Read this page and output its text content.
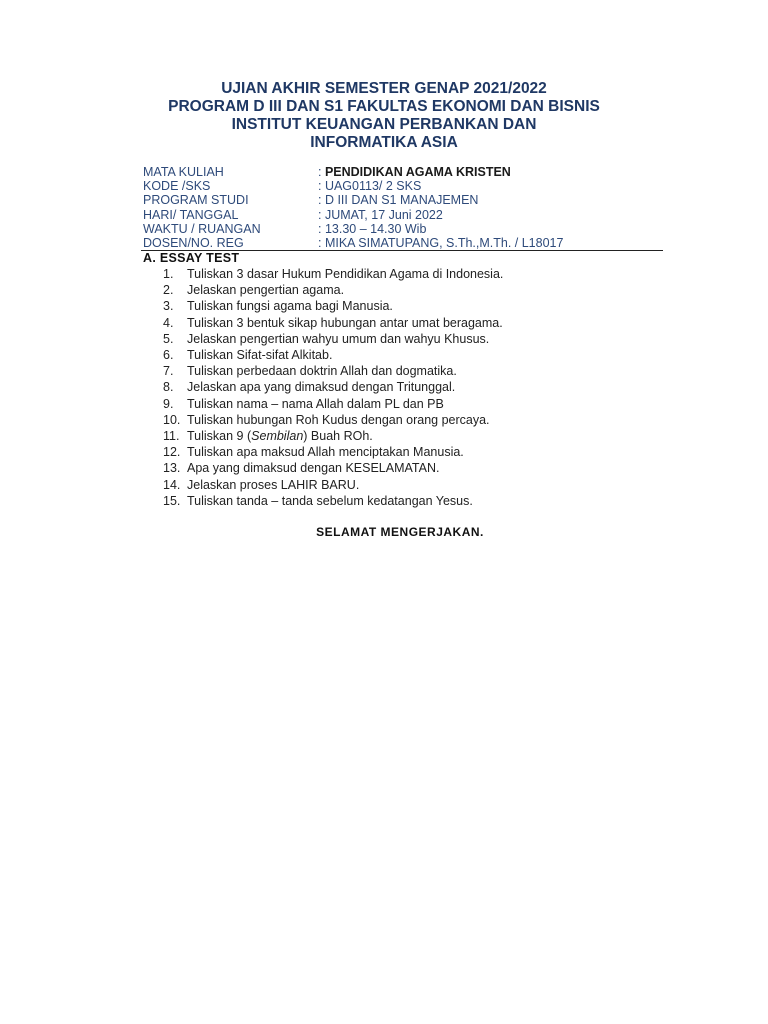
UJIAN AKHIR SEMESTER GENAP 2021/2022
PROGRAM D III DAN S1 FAKULTAS EKONOMI DAN BISNIS
INSTITUT KEUANGAN PERBANKAN DAN
INFORMATIKA ASIA
MATA KULIAH	: PENDIDIKAN AGAMA KRISTEN
KODE /SKS	: UAG0113/ 2 SKS
PROGRAM STUDI	: D III DAN S1 MANAJEMEN
HARI/ TANGGAL	: JUMAT, 17 Juni 2022
WAKTU / RUANGAN	: 13.30 – 14.30 Wib
DOSEN/NO. REG	: MIKA SIMATUPANG, S.Th.,M.Th. / L18017
A. ESSAY TEST
1.	Tuliskan 3 dasar Hukum Pendidikan Agama di Indonesia.
2.	Jelaskan pengertian agama.
3.	Tuliskan fungsi agama bagi Manusia.
4.	Tuliskan 3 bentuk sikap hubungan antar umat beragama.
5.	Jelaskan pengertian wahyu umum dan wahyu Khusus.
6.	Tuliskan Sifat-sifat Alkitab.
7.	Tuliskan perbedaan doktrin Allah dan dogmatika.
8.	Jelaskan apa yang dimaksud dengan Tritunggal.
9.	Tuliskan nama – nama Allah dalam PL dan PB
10. Tuliskan hubungan Roh Kudus dengan orang percaya.
11. Tuliskan 9 (Sembilan) Buah ROh.
12. Tuliskan apa maksud Allah menciptakan Manusia.
13. Apa yang dimaksud dengan KESELAMATAN.
14. Jelaskan proses LAHIR BARU.
15. Tuliskan tanda – tanda sebelum kedatangan Yesus.
SELAMAT MENGERJAKAN.
